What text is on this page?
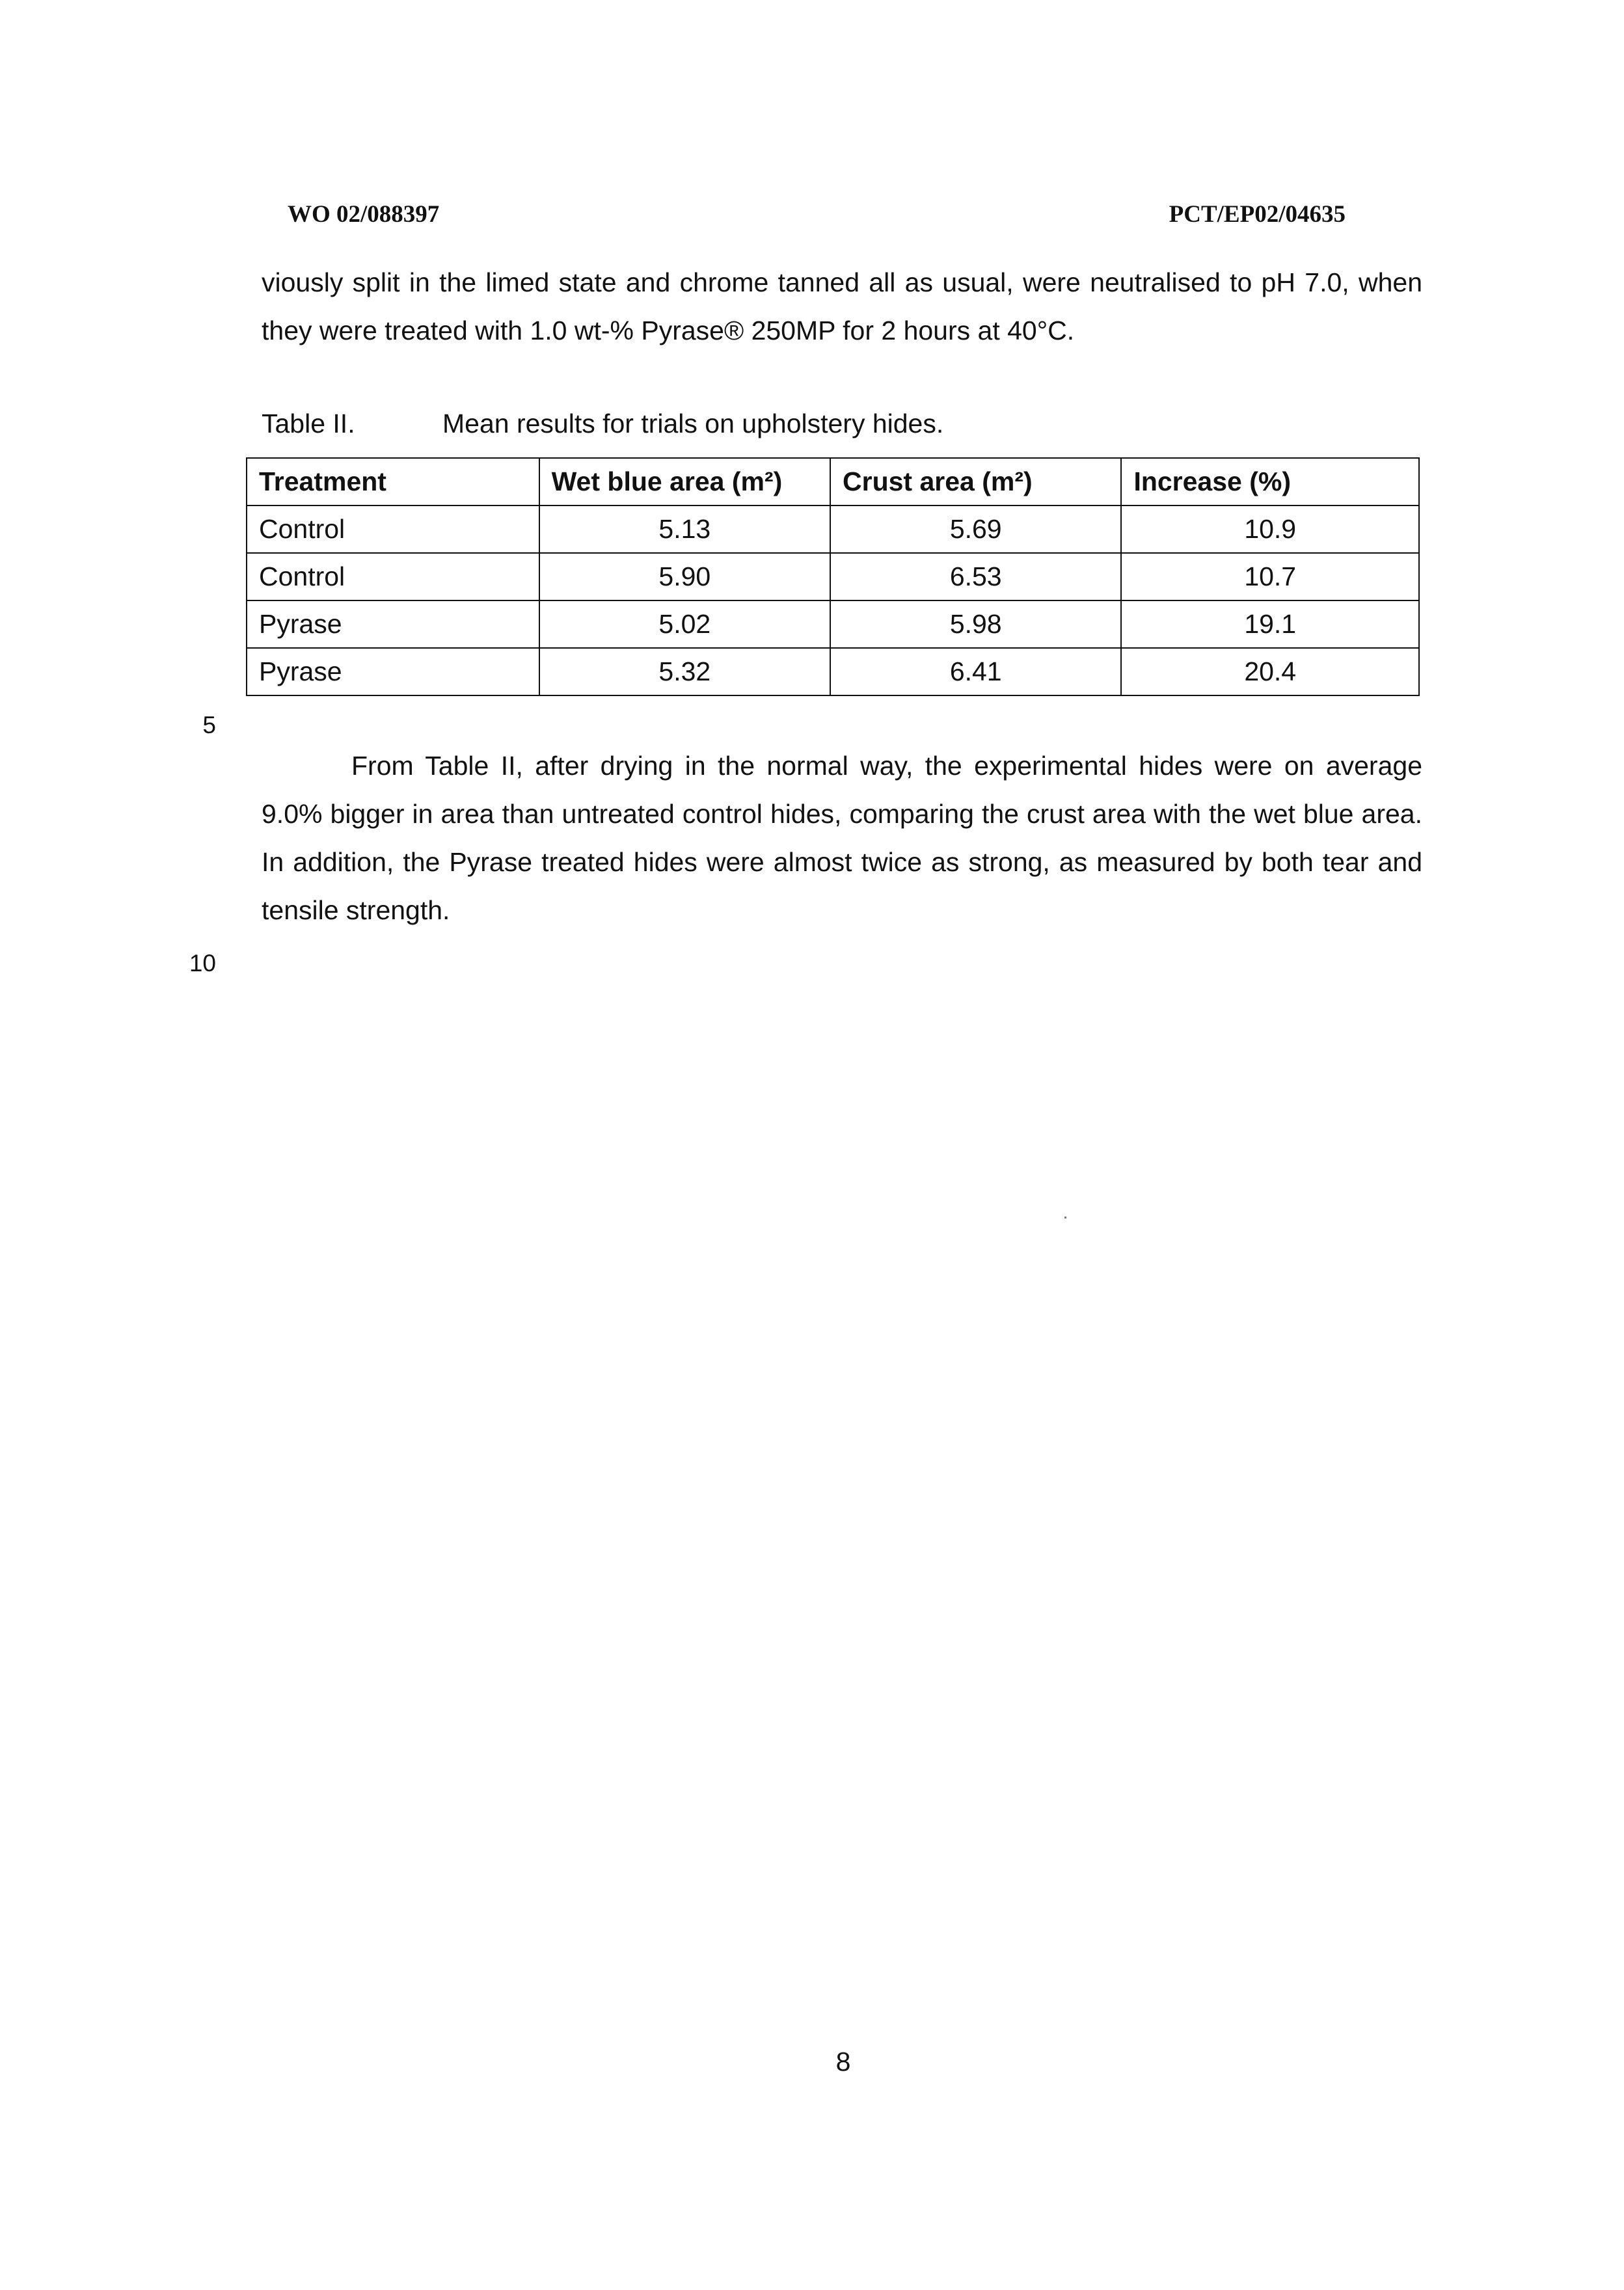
WO 02/088397	PCT/EP02/04635

viously split in the limed state and chrome tanned all as usual, were neutralised to pH 7.0, when they were treated with 1.0 wt-% Pyrase® 250MP for 2 hours at 40°C.

Table II.	Mean results for trials on upholstery hides.
Treatment	Wet blue area (m²)	Crust area (m²)	Increase (%)
Control	5.13	5.69	10.9
Control	5.90	6.53	10.7
Pyrase	5.02	5.98	19.1
Pyrase	5.32	6.41	20.4
5

From Table II, after drying in the normal way, the experimental hides were on average 9.0% bigger in area than untreated control hides, comparing the crust area with the wet blue area. In addition, the Pyrase treated hides were almost twice as strong, as measured by both tear and tensile strength.

10
8
